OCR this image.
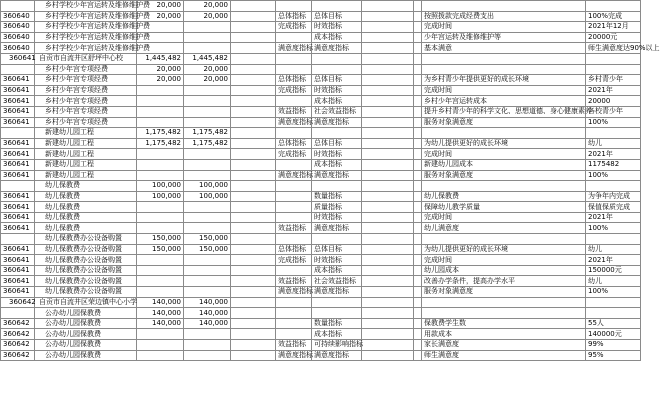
	乡村学校少年宫运转及维修维护费	20,000	20,000							
360640	乡村学校少年宫运转及维修维护费	20,000	20,000		总体指标	总体目标			按照拨款完成经费支出	100%完成
360640	乡村学校少年宫运转及维修维护费				完成指标	时效指标			完成时间	2021年12月
360640	乡村学校少年宫运转及维修维护费					成本指标			少年宫运转及维修维护等	20000元
360640	乡村学校少年宫运转及维修维护费				满意度指标	满意度指标			基本满意	师生满意度达90%以上
360641	自贡市自流井区舒坪中心校	1,445,482	1,445,482							
	乡村少年宫专项经费	20,000	20,000							
360641	乡村少年宫专项经费	20,000	20,000		总体指标	总体目标			为乡村青少年提供更好的成长环境	乡村青少年
360641	乡村少年宫专项经费				完成指标	时效指标			完成时间	2021年
360641	乡村少年宫专项经费					成本指标			乡村少年宫运转成本	20000
360641	乡村少年宫专项经费				效益指标	社会效益指标			提升乡村青少年的科学文化、思想道德、身心健康素养	各校青少年
360641	乡村少年宫专项经费				满意度指标	满意度指标			服务对象满意度	100%
	新建幼儿园工程	1,175,482	1,175,482							
360641	新建幼儿园工程	1,175,482	1,175,482		总体指标	总体目标			为幼儿提供更好的成长环境	幼儿
360641	新建幼儿园工程				完成指标	时效指标			完成时间	2021年
360641	新建幼儿园工程					成本指标			新建幼儿园成本	1175482
360641	新建幼儿园工程				满意度指标	满意度指标			服务对象满意度	100%
	幼儿保教费	100,000	100,000							
360641	幼儿保教费	100,000	100,000			数量指标			幼儿保教费	为争年内完成
360641	幼儿保教费					质量指标			保障幼儿教学质量	保值保质完成
360641	幼儿保教费					时效指标			完成时间	2021年
360641	幼儿保教费				效益指标	满意度指标			幼儿满意度	100%
	幼儿保教费办公设备购置	150,000	150,000							
360641	幼儿保教费办公设备购置	150,000	150,000		总体指标	总体目标			为幼儿提供更好的成长环境	幼儿
360641	幼儿保教费办公设备购置				完成指标	时效指标			完成时间	2021年
360641	幼儿保教费办公设备购置					成本指标			幼儿园成本	150000元
360641	幼儿保教费办公设备购置				效益指标	社会效益指标			改善办学条件，提高办学水平	幼儿
360641	幼儿保教费办公设备购置				满意度指标	满意度指标			服务对象满意度	100%
360642	自贡市自流井区荣边镇中心小学	140,000	140,000							
	公办幼儿园保教费	140,000	140,000							
360642	公办幼儿园保教费	140,000	140,000			数量指标			保教费学生数	55人
360642	公办幼儿园保教费					成本指标			用款成本	140000元
360642	公办幼儿园保教费				效益指标	可持续影响指标			家长满意度	99%
360642	公办幼儿园保教费				满意度指标	满意度指标			师生满意度	95%
